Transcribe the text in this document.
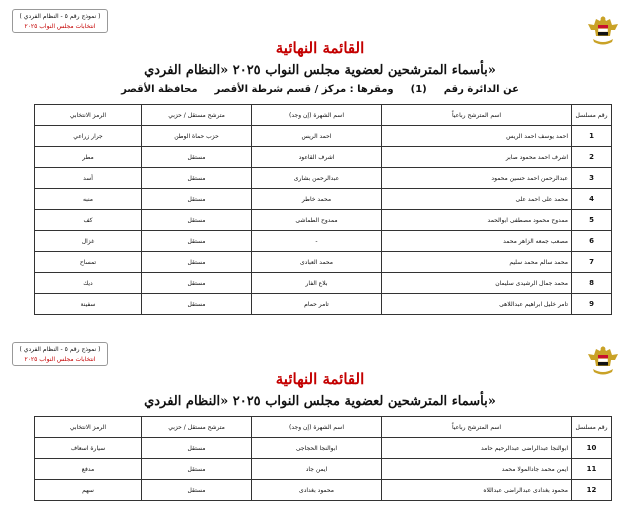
( نموذج رقم ٥ - النظام الفردي )
انتخابات مجلس النواب ٢٠٢٥
القائمة النهائية
بأسماء المترشحين لعضوية مجلس النواب ٢٠٢٥ «النظام الفردي»
عن الدائرة رقم  (1)  ومقرها : مركز / قسم شرطة الأقصر  محافظة الأقصر
رقم مسلسل	اسم المترشح رباعياً	اسم الشهرة (إن وجد)	مترشح مستقل / حزبي	الرمز الانتخابي
1	احمد يوسف احمد الريس	احمد الريس	حزب حماة الوطن	جرار زراعي
2	اشرف احمد محمود صابر	اشرف القاعود	مستقل	مطر
3	عبدالرحمن احمد حسين محمود	عبدالرحمن بشارى	مستقل	أسد
4	محمد على احمد على	محمد خاطر	مستقل	منبه
5	ممدوح محمود مصطفى ابوالحمد	ممدوح الطماشى	مستقل	كف
6	مصعب جمعه الزاهر محمد	-	مستقل	غزال
7	محمد سالم محمد سليم	محمد العبادى	مستقل	تمساح
8	محمد جمال الرشيدى سليمان	بلاع الفار	مستقل	ديك
9	تامر خليل ابراهيم عبداللاهى	تامر حمام	مستقل	سفينة
( نموذج رقم ٥ - النظام الفردي )
انتخابات مجلس النواب ٢٠٢٥
القائمة النهائية
بأسماء المترشحين لعضوية مجلس النواب ٢٠٢٥ «النظام الفردي»
رقم مسلسل	اسم المترشح رباعياً	اسم الشهرة (إن وجد)	مترشح مستقل / حزبي	الرمز الانتخابي
10	ابوالنجا عبدالراضى عبدالرحيم حامد	ابوالنجا الحجاجى	مستقل	سيارة اسعاف
11	ايمن محمد جادالمولا محمد	ايمن جاد	مستقل	مدفع
12	محمود بغدادى عبدالراضى عبداللاه	محمود بغدادى	مستقل	سهم
